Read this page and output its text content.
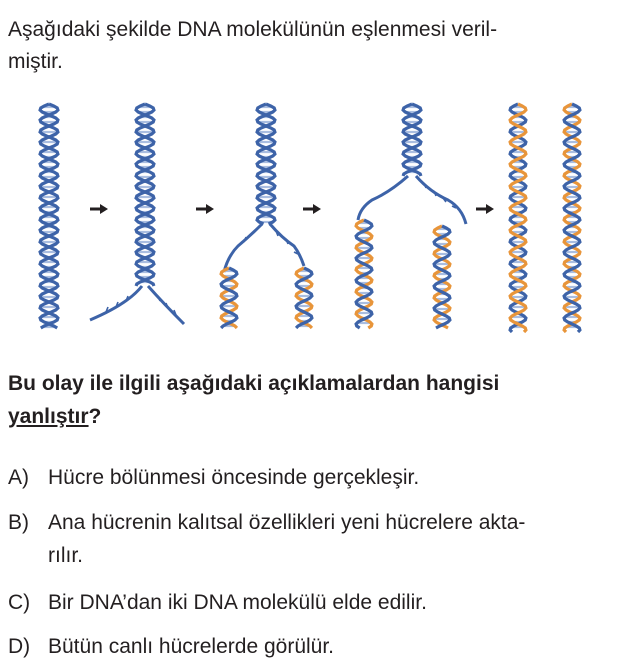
Aşağıdaki şekilde DNA molekülünün eşlenmesi veril-
miştir.
Bu olay ile ilgili aşağıdaki açıklamalardan hangisi
yanlıştır?
A) Hücre bölünmesi öncesinde gerçekleşir.
B) Ana hücrenin kalıtsal özellikleri yeni hücrelere akta-
rılır.
C) Bir DNA’dan iki DNA molekülü elde edilir.
D) Bütün canlı hücrelerde görülür.
